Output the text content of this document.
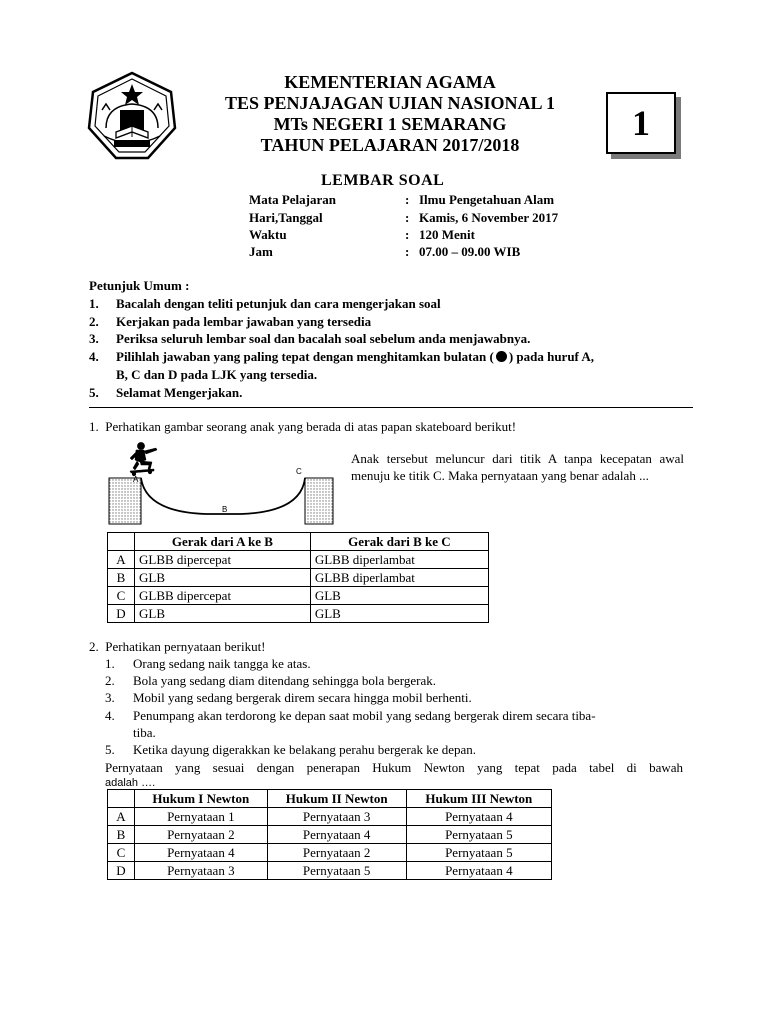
KEMENTERIAN AGAMA
TES PENJAJAGAN UJIAN NASIONAL 1
MTs NEGERI 1 SEMARANG
TAHUN PELAJARAN 2017/2018
1
LEMBAR SOAL
Mata Pelajaran	: Ilmu Pengetahuan Alam
Hari,Tanggal	: Kamis, 6 November 2017
Waktu	: 120 Menit
Jam	: 07.00 – 09.00 WIB
Petunjuk Umum :
1. Bacalah dengan teliti petunjuk dan cara mengerjakan soal
2. Kerjakan pada lembar jawaban yang tersedia
3. Periksa seluruh lembar soal dan bacalah soal sebelum anda menjawabnya.
4. Pilihlah jawaban yang paling tepat dengan menghitamkan bulatan ( ) pada huruf A,
B, C dan D pada LJK yang tersedia.
5. Selamat Mengerjakan.
1. Perhatikan gambar seorang anak yang berada di atas papan skateboard berikut!
A
B
C
Anak tersebut meluncur dari titik A tanpa kecepatan awal menuju ke titik C. Maka pernyataan yang benar adalah ...
	Gerak dari A ke B	Gerak dari B ke C
A	GLBB dipercepat	GLBB diperlambat
B	GLB	GLBB diperlambat
C	GLBB dipercepat	GLB
D	GLB	GLB
2. Perhatikan pernyataan berikut!
1. Orang sedang naik tangga ke atas.
2. Bola yang sedang diam ditendang sehingga bola bergerak.
3. Mobil yang sedang bergerak direm secara hingga mobil berhenti.
4. Penumpang akan terdorong ke depan saat mobil yang sedang bergerak direm secara tiba-
tiba.
5. Ketika dayung digerakkan ke belakang perahu bergerak ke depan.
Pernyataan yang sesuai dengan penerapan Hukum Newton yang tepat pada tabel di bawah
adalah ….
	Hukum I Newton	Hukum II Newton	Hukum III Newton
A	Pernyataan 1	Pernyataan 3	Pernyataan 4
B	Pernyataan 2	Pernyataan 4	Pernyataan 5
C	Pernyataan 4	Pernyataan 2	Pernyataan 5
D	Pernyataan 3	Pernyataan 5	Pernyataan 4
